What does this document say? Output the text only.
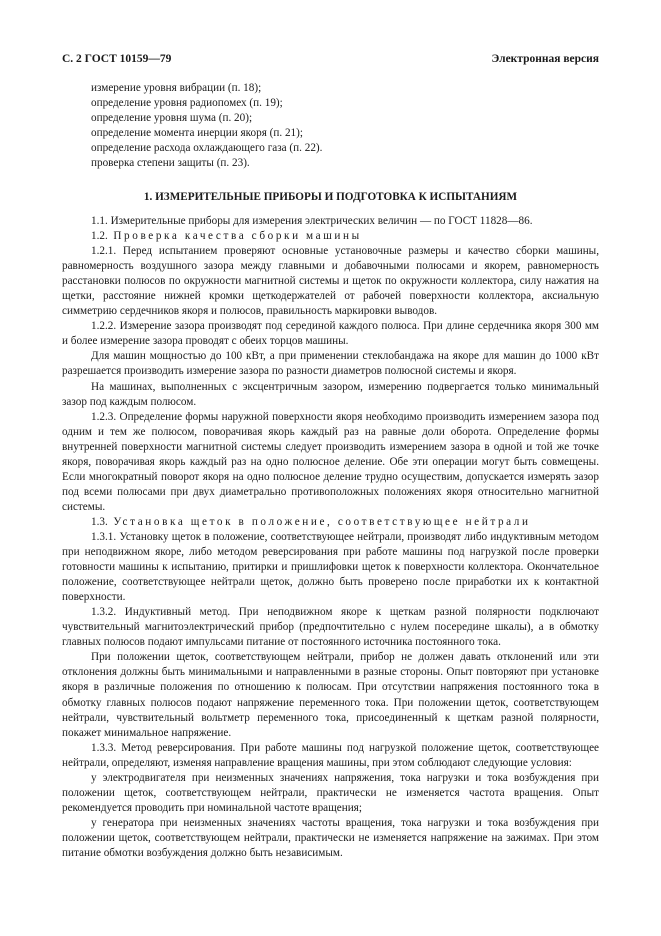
С. 2 ГОСТ 10159—79	Электронная версия
измерение уровня вибрации (п. 18);
определение уровня радиопомех (п. 19);
определение уровня шума (п. 20);
определение момента инерции якоря (п. 21);
определение расхода охлаждающего газа (п. 22).
проверка степени защиты (п. 23).
1. ИЗМЕРИТЕЛЬНЫЕ ПРИБОРЫ И ПОДГОТОВКА К ИСПЫТАНИЯМ

1.1. Измерительные приборы для измерения электрических величин — по ГОСТ 11828—86.

1.2. Проверка качества сборки машины

1.2.1. Перед испытанием проверяют основные установочные размеры и качество сборки машины, равномерность воздушного зазора между главными и добавочными полюсами и якорем, равномерность расстановки полюсов по окружности магнитной системы и щеток по окружности коллектора, силу нажатия на щетки, расстояние нижней кромки щеткодержателей от рабочей поверхности коллектора, аксиальную симметрию сердечников якоря и полюсов, правильность маркировки выводов.

1.2.2. Измерение зазора производят под серединой каждого полюса. При длине сердечника якоря 300 мм и более измерение зазора проводят с обеих торцов машины.

Для машин мощностью до 100 кВт, а при применении стеклобандажа на якоре для машин до 1000 кВт разрешается производить измерение зазора по разности диаметров полюсной системы и якоря.

На машинах, выполненных с эксцентричным зазором, измерению подвергается только минимальный зазор под каждым полюсом.

1.2.3. Определение формы наружной поверхности якоря необходимо производить измерением зазора под одним и тем же полюсом, поворачивая якорь каждый раз на равные доли оборота. Определение формы внутренней поверхности магнитной системы следует производить измерением зазора в одной и той же точке якоря, поворачивая якорь каждый раз на одно полюсное деление. Обе эти операции могут быть совмещены. Если многократный поворот якоря на одно полюсное деление трудно осуществим, допускается измерять зазор под всеми полюсами при двух диаметрально противоположных положениях якоря относительно магнитной системы.

1.3. Установка щеток в положение, соответствующее нейтрали

1.3.1. Установку щеток в положение, соответствующее нейтрали, производят либо индуктивным методом при неподвижном якоре, либо методом реверсирования при работе машины под нагрузкой после проверки готовности машины к испытанию, притирки и пришлифовки щеток к поверхности коллектора. Окончательное положение, соответствующее нейтрали щеток, должно быть проверено после приработки их к контактной поверхности.

1.3.2. Индуктивный метод. При неподвижном якоре к щеткам разной полярности подключают чувствительный магнитоэлектрический прибор (предпочтительно с нулем посередине шкалы), а в обмотку главных полюсов подают импульсами питание от постоянного источника постоянного тока.

При положении щеток, соответствующем нейтрали, прибор не должен давать отклонений или эти отклонения должны быть минимальными и направленными в разные стороны. Опыт повторяют при установке якоря в различные положения по отношению к полюсам. При отсутствии напряжения постоянного тока в обмотку главных полюсов подают напряжение переменного тока. При положении щеток, соответствующем нейтрали, чувствительный вольтметр переменного тока, присоединенный к щеткам разной полярности, покажет минимальное напряжение.

1.3.3. Метод реверсирования. При работе машины под нагрузкой положение щеток, соответствующее нейтрали, определяют, изменяя направление вращения машины, при этом соблюдают следующие условия:

у электродвигателя при неизменных значениях напряжения, тока нагрузки и тока возбуждения при положении щеток, соответствующем нейтрали, практически не изменяется частота вращения. Опыт рекомендуется проводить при номинальной частоте вращения;

у генератора при неизменных значениях частоты вращения, тока нагрузки и тока возбуждения при положении щеток, соответствующем нейтрали, практически не изменяется напряжение на зажимах. При этом питание обмотки возбуждения должно быть независимым.
